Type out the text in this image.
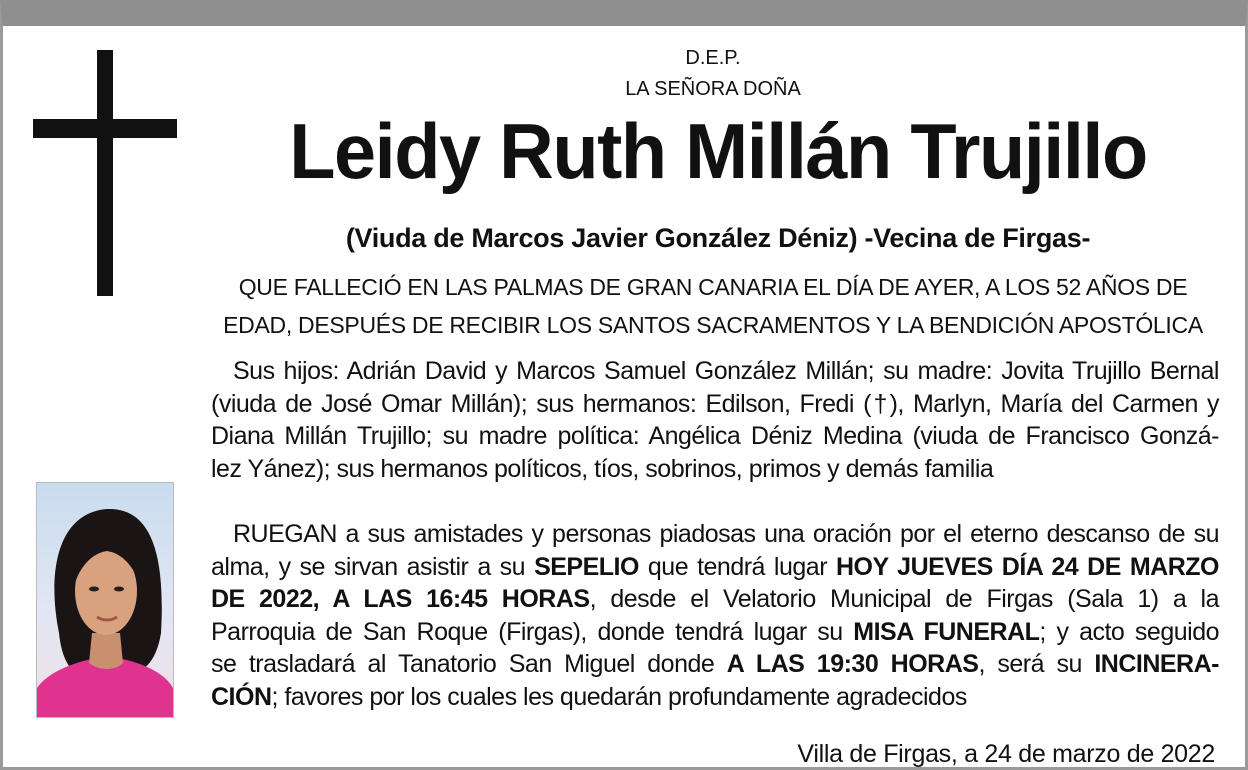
D.E.P.
LA SEÑORA DOÑA
Leidy Ruth Millán Trujillo
(Viuda de Marcos Javier González Déniz) -Vecina de Firgas-
QUE FALLECIÓ EN LAS PALMAS DE GRAN CANARIA EL DÍA DE AYER, A LOS 52 AÑOS DE
EDAD, DESPUÉS DE RECIBIR LOS SANTOS SACRAMENTOS Y LA BENDICIÓN APOSTÓLICA
Sus hijos: Adrián David y Marcos Samuel González Millán; su madre: Jovita Trujillo Bernal
(viuda de José Omar Millán); sus hermanos: Edilson, Fredi (†), Marlyn, María del Carmen y
Diana Millán Trujillo; su madre política: Angélica Déniz Medina (viuda de Francisco Gonzá-
lez Yánez); sus hermanos políticos, tíos, sobrinos, primos y demás familia
RUEGAN a sus amistades y personas piadosas una oración por el eterno descanso de su
alma, y se sirvan asistir a su SEPELIO que tendrá lugar HOY JUEVES DÍA 24 DE MARZO
DE 2022, A LAS 16:45 HORAS, desde el Velatorio Municipal de Firgas (Sala 1) a la
Parroquia de San Roque (Firgas), donde tendrá lugar su MISA FUNERAL; y acto seguido
se trasladará al Tanatorio San Miguel donde A LAS 19:30 HORAS, será su INCINERA-
CIÓN; favores por los cuales les quedarán profundamente agradecidos
Villa de Firgas, a 24 de marzo de 2022
